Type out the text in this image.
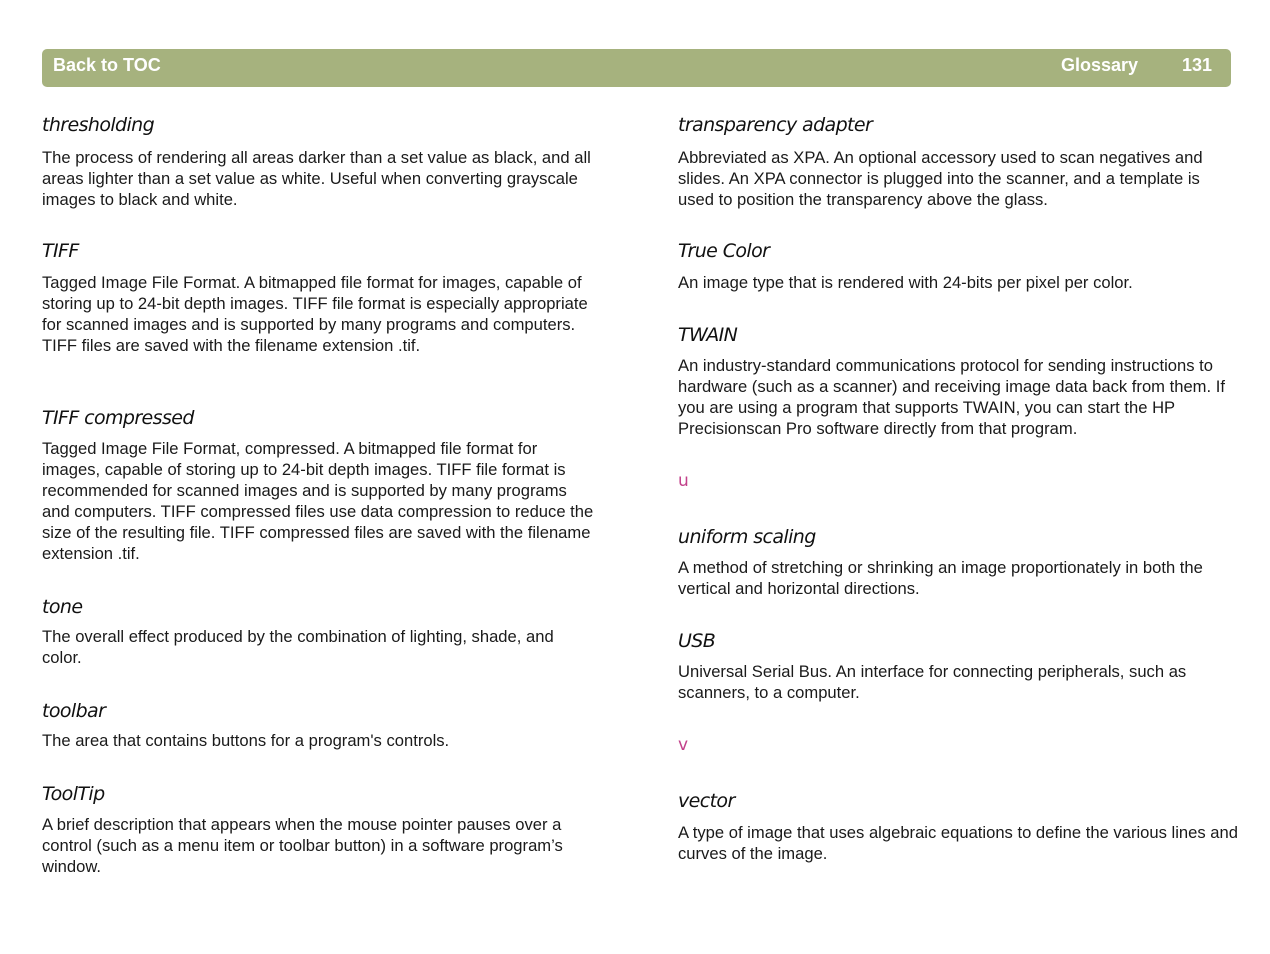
Back to TOC	Glossary 131
thresholding
The process of rendering all areas darker than a set value as black, and all areas lighter than a set value as white. Useful when converting grayscale images to black and white.
TIFF
Tagged Image File Format. A bitmapped file format for images, capable of storing up to 24-bit depth images. TIFF file format is especially appropriate for scanned images and is supported by many programs and computers. TIFF files are saved with the filename extension .tif.
TIFF compressed
Tagged Image File Format, compressed. A bitmapped file format for images, capable of storing up to 24-bit depth images. TIFF file format is recommended for scanned images and is supported by many programs and computers. TIFF compressed files use data compression to reduce the size of the resulting file. TIFF compressed files are saved with the filename extension .tif.
tone
The overall effect produced by the combination of lighting, shade, and color.
toolbar
The area that contains buttons for a program's controls.
ToolTip
A brief description that appears when the mouse pointer pauses over a control (such as a menu item or toolbar button) in a software program’s window.
transparency adapter
Abbreviated as XPA. An optional accessory used to scan negatives and slides. An XPA connector is plugged into the scanner, and a template is used to position the transparency above the glass.
True Color
An image type that is rendered with 24-bits per pixel per color.
TWAIN
An industry-standard communications protocol for sending instructions to hardware (such as a scanner) and receiving image data back from them. If you are using a program that supports TWAIN, you can start the HP Precisionscan Pro software directly from that program.
u
uniform scaling
A method of stretching or shrinking an image proportionately in both the vertical and horizontal directions.
USB
Universal Serial Bus. An interface for connecting peripherals, such as scanners, to a computer.
v
vector
A type of image that uses algebraic equations to define the various lines and curves of the image.
